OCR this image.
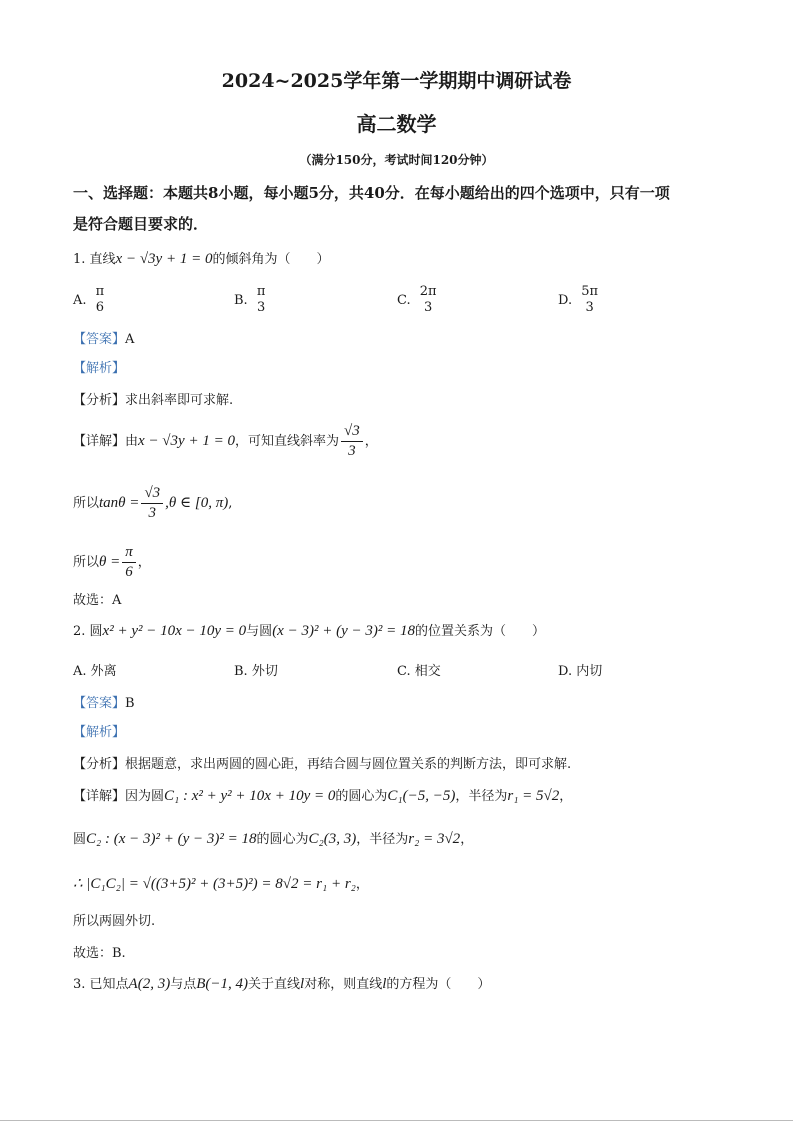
2024~2025学年第一学期期中调研试卷
高二数学
（满分150分，考试时间120分钟）
一、选择题：本题共8小题，每小题5分，共40分．在每小题给出的四个选项中，只有一项
是符合题目要求的．
1. 直线x − √3y + 1 = 0的倾斜角为（　　）
A.
π
6	B.
π
3	C.
2π
3	D.
5π
3
【答案】A
【解析】
【分析】求出斜率即可求解.
【详解】由x − √3y + 1 = 0，可知直线斜率为 $\frac{√3}{3}$ ，
所以$\tan\theta = \frac{√3}{3} ,\theta$ ∈ [0, π),
所以$\theta = \frac{\pi}{6}$ ，
故选：A
2. 圆x² + y² − 10x − 10y = 0与圆(x − 3)² + (y − 3)² = 18的位置关系为（　　）
A. 外离	B. 外切	C. 相交	D. 内切
【答案】B
【解析】
【分析】根据题意，求出两圆的圆心距，再结合圆与圆位置关系的判断方法，即可求解.
【详解】因为圆C₁ : x² + y² + 10x + 10y = 0的圆心为C₁(−5, −5)，半径为r₁ = 5√2，
圆C₂ : (x − 3)² + (y − 3)² = 18的圆心为C₂(3, 3)，半径为r₂ = 3√2，
∴ |C₁C₂| = √((3+5)² + (3+5)²) = 8√2 = r₁ + r₂，
所以两圆外切.
故选：B.
3. 已知点A(2, 3)与点B(−1, 4)关于直线l对称，则直线l的方程为（　　）
